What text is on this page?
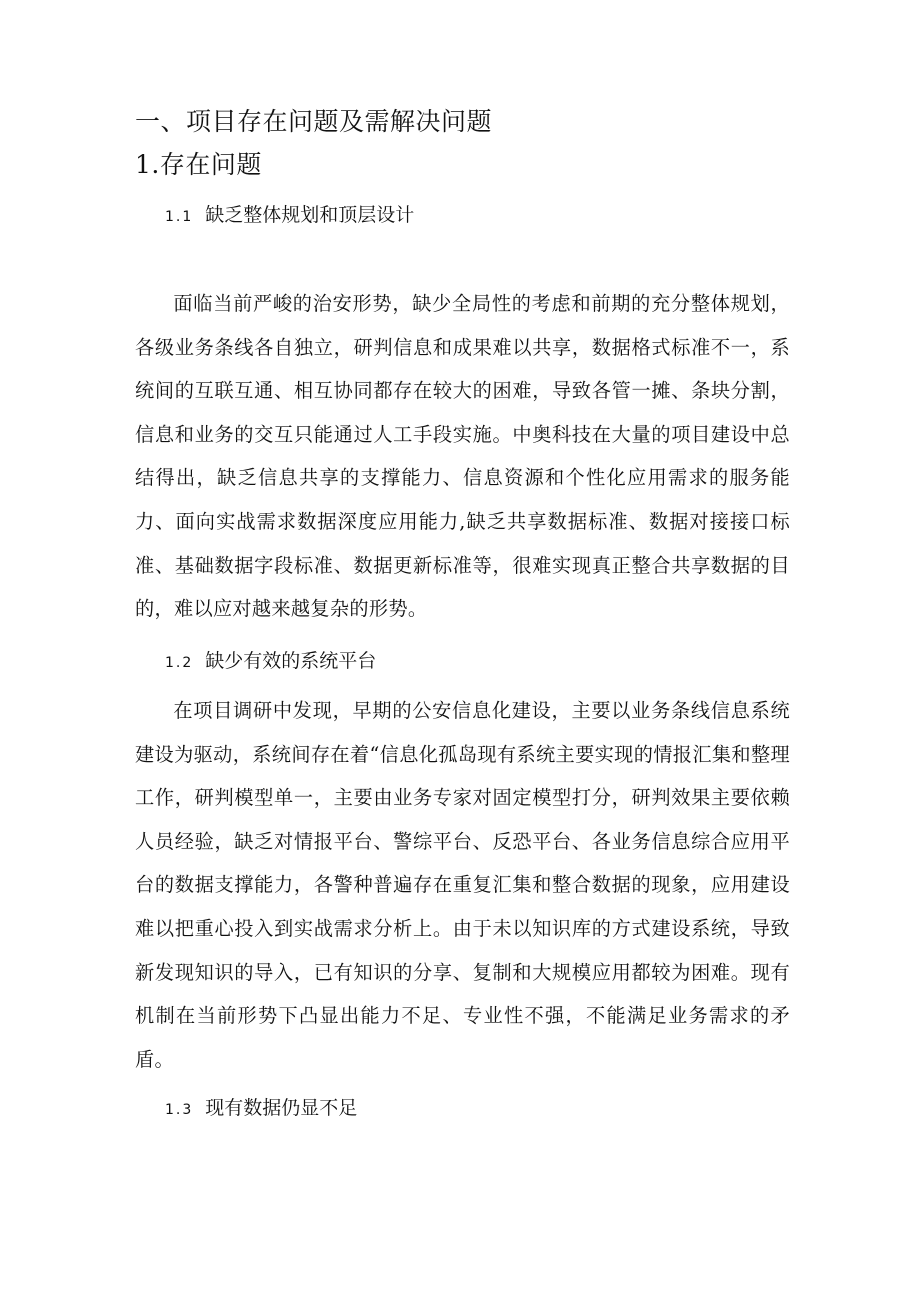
一、项目存在问题及需解决问题
1.存在问题
1.1 缺乏整体规划和顶层设计

面临当前严峻的治安形势，缺少全局性的考虑和前期的充分整体规划，各级业务条线各自独立，研判信息和成果难以共享，数据格式标准不一，系统间的互联互通、相互协同都存在较大的困难，导致各管一摊、条块分割，信息和业务的交互只能通过人工手段实施。中奥科技在大量的项目建设中总结得出，缺乏信息共享的支撑能力、信息资源和个性化应用需求的服务能力、面向实战需求数据深度应用能力,缺乏共享数据标准、数据对接接口标准、基础数据字段标准、数据更新标准等，很难实现真正整合共享数据的目的，难以应对越来越复杂的形势。

1.2 缺少有效的系统平台

在项目调研中发现，早期的公安信息化建设，主要以业务条线信息系统建设为驱动，系统间存在着“信息化孤岛现有系统主要实现的情报汇集和整理工作，研判模型单一，主要由业务专家对固定模型打分，研判效果主要依赖人员经验，缺乏对情报平台、警综平台、反恐平台、各业务信息综合应用平台的数据支撑能力，各警种普遍存在重复汇集和整合数据的现象，应用建设难以把重心投入到实战需求分析上。由于未以知识库的方式建设系统，导致新发现知识的导入，已有知识的分享、复制和大规模应用都较为困难。现有机制在当前形势下凸显出能力不足、专业性不强，不能满足业务需求的矛盾。

1.3 现有数据仍显不足
